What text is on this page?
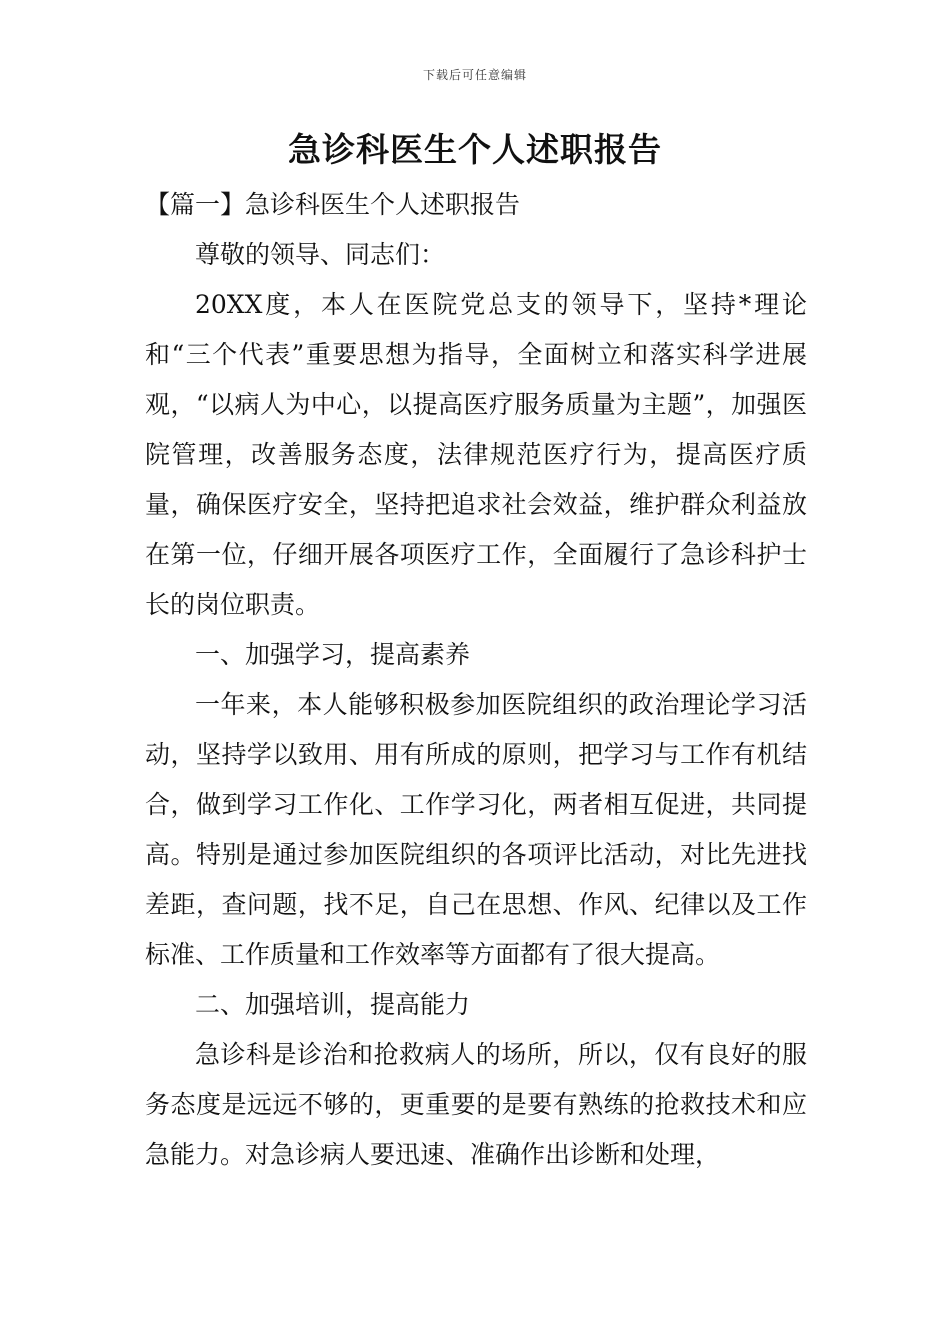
下载后可任意编辑
急诊科医生个人述职报告

【篇一】急诊科医生个人述职报告

尊敬的领导、同志们：

20XX度，本人在医院党总支的领导下，坚持*理论和“三个代表”重要思想为指导，全面树立和落实科学进展观，“以病人为中心，以提高医疗服务质量为主题”，加强医院管理，改善服务态度，法律规范医疗行为，提高医疗质量，确保医疗安全，坚持把追求社会效益，维护群众利益放在第一位，仔细开展各项医疗工作，全面履行了急诊科护士长的岗位职责。

一、加强学习，提高素养

一年来，本人能够积极参加医院组织的政治理论学习活动，坚持学以致用、用有所成的原则，把学习与工作有机结合，做到学习工作化、工作学习化，两者相互促进，共同提高。特别是通过参加医院组织的各项评比活动，对比先进找差距，查问题，找不足，自己在思想、作风、纪律以及工作标准、工作质量和工作效率等方面都有了很大提高。

二、加强培训，提高能力

急诊科是诊治和抢救病人的场所，所以，仅有良好的服务态度是远远不够的，更重要的是要有熟练的抢救技术和应急能力。对急诊病人要迅速、准确作出诊断和处理，
